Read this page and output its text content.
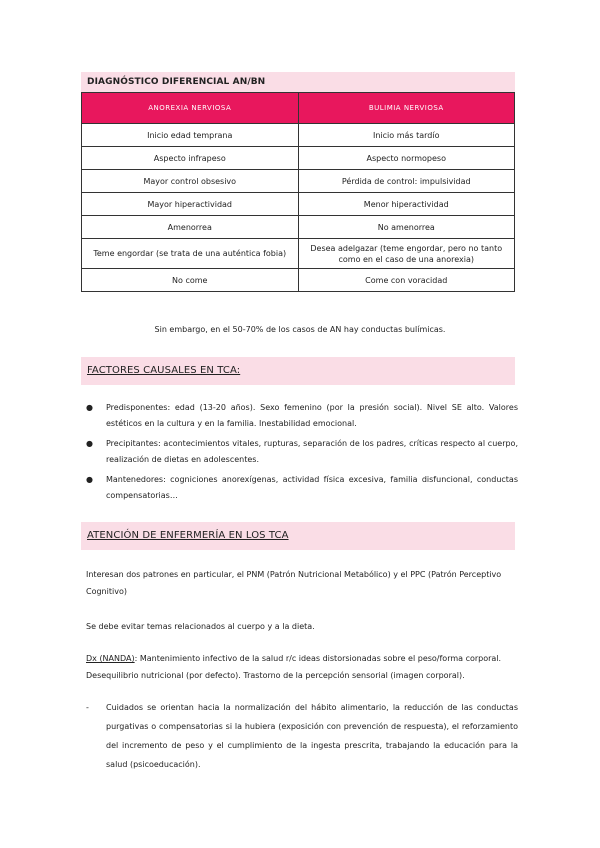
DIAGNÓSTICO DIFERENCIAL AN/BN
ANOREXIA NERVIOSA	BULIMIA NERVIOSA
Inicio edad temprana	Inicio más tardío
Aspecto infrapeso	Aspecto normopeso
Mayor control obsesivo	Pérdida de control: impulsividad
Mayor hiperactividad	Menor hiperactividad
Amenorrea	No amenorrea
Teme engordar (se trata de una auténtica fobia)	Desea adelgazar (teme engordar, pero no tanto como en el caso de una anorexia)
No come	Come con voracidad
Sin embargo, en el 50-70% de los casos de AN hay conductas bulímicas.
FACTORES CAUSALES EN TCA:
● Predisponentes: edad (13-20 años). Sexo femenino (por la presión social). Nivel SE alto. Valores estéticos en la cultura y en la familia. Inestabilidad emocional.
● Precipitantes: acontecimientos vitales, rupturas, separación de los padres, críticas respecto al cuerpo, realización de dietas en adolescentes.
● Mantenedores: cogniciones anorexígenas, actividad física excesiva, familia disfuncional, conductas compensatorias…
ATENCIÓN DE ENFERMERÍA EN LOS TCA
Interesan dos patrones en particular, el PNM (Patrón Nutricional Metabólico) y el PPC (Patrón Perceptivo Cognitivo)
Se debe evitar temas relacionados al cuerpo y a la dieta.
Dx (NANDA): Mantenimiento infectivo de la salud r/c ideas distorsionadas sobre el peso/forma corporal. Desequilibrio nutricional (por defecto). Trastorno de la percepción sensorial (imagen corporal).
- Cuidados se orientan hacia la normalización del hábito alimentario, la reducción de las conductas purgativas o compensatorias si la hubiera (exposición con prevención de respuesta), el reforzamiento del incremento de peso y el cumplimiento de la ingesta prescrita, trabajando la educación para la salud (psicoeducación).
